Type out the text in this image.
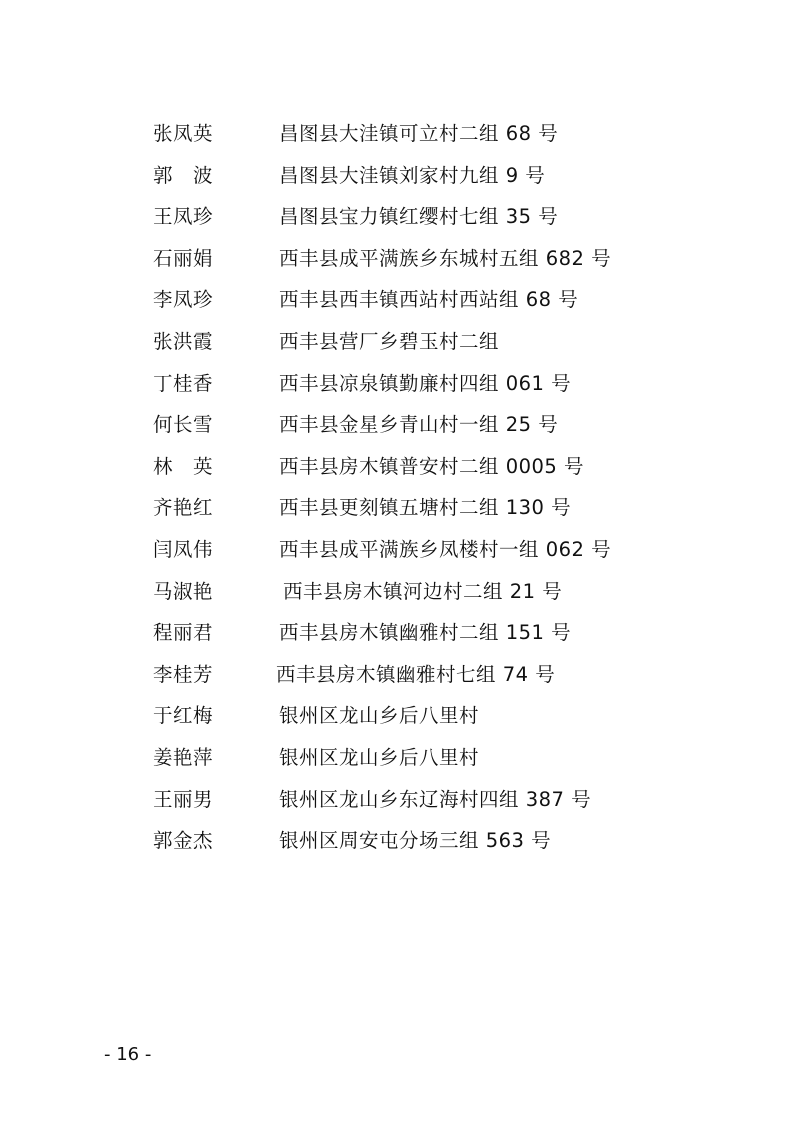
张凤英	昌图县大洼镇可立村二组 68 号
郭　波	昌图县大洼镇刘家村九组 9 号
王凤珍	昌图县宝力镇红缨村七组 35 号
石丽娟	西丰县成平满族乡东城村五组 682 号
李凤珍	西丰县西丰镇西站村西站组 68 号
张洪霞	西丰县营厂乡碧玉村二组
丁桂香	西丰县凉泉镇勤廉村四组 061 号
何长雪	西丰县金星乡青山村一组 25 号
林　英	西丰县房木镇普安村二组 0005 号
齐艳红	西丰县更刻镇五塘村二组 130 号
闫凤伟	西丰县成平满族乡凤楼村一组 062 号
马淑艳	西丰县房木镇河边村二组 21 号
程丽君	西丰县房木镇幽雅村二组 151 号
李桂芳	西丰县房木镇幽雅村七组 74 号
于红梅	银州区龙山乡后八里村
姜艳萍	银州区龙山乡后八里村
王丽男	银州区龙山乡东辽海村四组 387 号
郭金杰	银州区周安屯分场三组 563 号
- 16 -
